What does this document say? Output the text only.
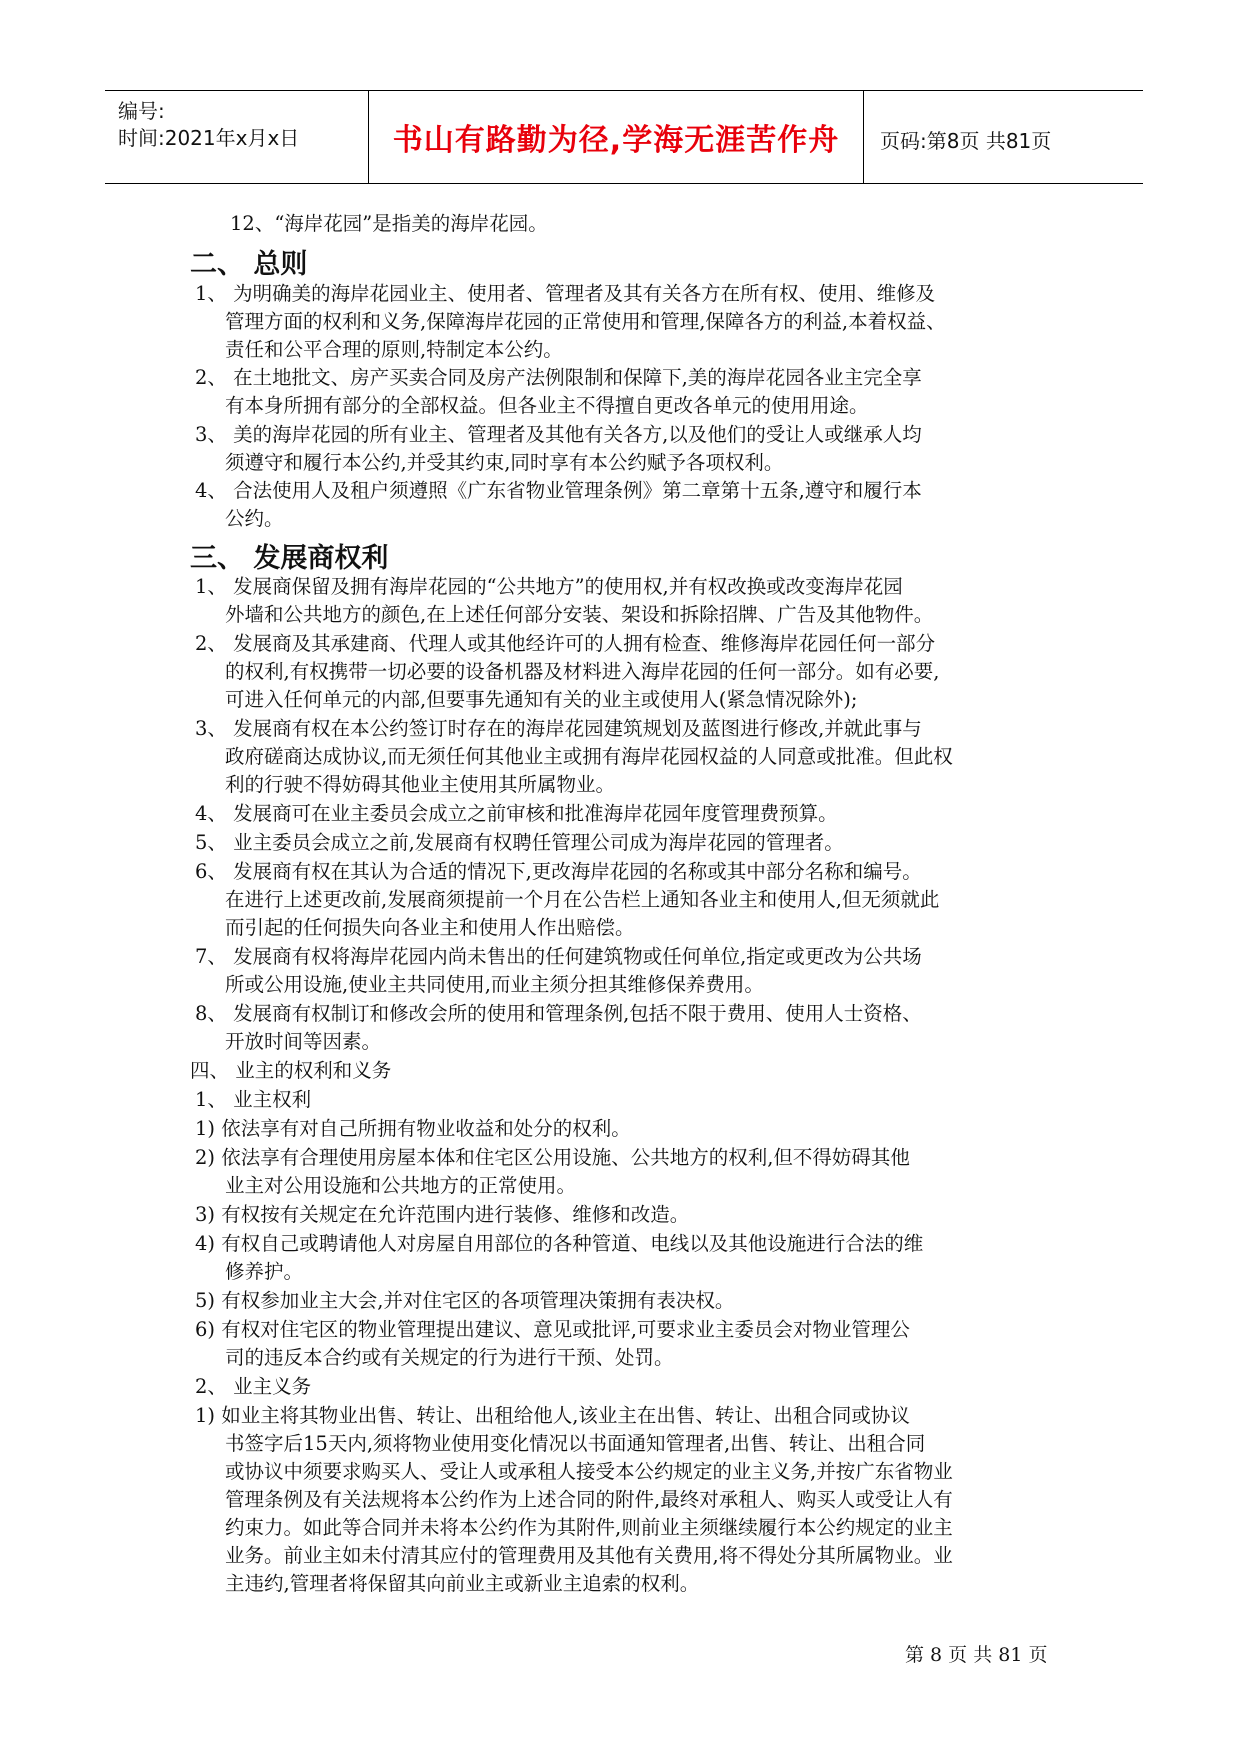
编号:
时间:2021年x月x日	书山有路勤为径,学海无涯苦作舟	页码:第8页 共81页
12、“海岸花园”是指美的海岸花园。
二、 总则
1、 为明确美的海岸花园业主、使用者、管理者及其有关各方在所有权、使用、维修及
管理方面的权利和义务,保障海岸花园的正常使用和管理,保障各方的利益,本着权益、
责任和公平合理的原则,特制定本公约。
2、 在土地批文、房产买卖合同及房产法例限制和保障下,美的海岸花园各业主完全享
有本身所拥有部分的全部权益。但各业主不得擅自更改各单元的使用用途。
3、 美的海岸花园的所有业主、管理者及其他有关各方,以及他们的受让人或继承人均
须遵守和履行本公约,并受其约束,同时享有本公约赋予各项权利。
4、 合法使用人及租户须遵照《广东省物业管理条例》第二章第十五条,遵守和履行本
公约。
三、 发展商权利
1、 发展商保留及拥有海岸花园的“公共地方”的使用权,并有权改换或改变海岸花园
外墙和公共地方的颜色,在上述任何部分安装、架设和拆除招牌、广告及其他物件。
2、 发展商及其承建商、代理人或其他经许可的人拥有检查、维修海岸花园任何一部分
的权利,有权携带一切必要的设备机器及材料进入海岸花园的任何一部分。如有必要,
可进入任何单元的内部,但要事先通知有关的业主或使用人(紧急情况除外);
3、 发展商有权在本公约签订时存在的海岸花园建筑规划及蓝图进行修改,并就此事与
政府磋商达成协议,而无须任何其他业主或拥有海岸花园权益的人同意或批准。但此权
利的行驶不得妨碍其他业主使用其所属物业。
4、 发展商可在业主委员会成立之前审核和批准海岸花园年度管理费预算。
5、 业主委员会成立之前,发展商有权聘任管理公司成为海岸花园的管理者。
6、 发展商有权在其认为合适的情况下,更改海岸花园的名称或其中部分名称和编号。
在进行上述更改前,发展商须提前一个月在公告栏上通知各业主和使用人,但无须就此
而引起的任何损失向各业主和使用人作出赔偿。
7、 发展商有权将海岸花园内尚未售出的任何建筑物或任何单位,指定或更改为公共场
所或公用设施,使业主共同使用,而业主须分担其维修保养费用。
8、 发展商有权制订和修改会所的使用和管理条例,包括不限于费用、使用人士资格、
开放时间等因素。
四、 业主的权利和义务
1、 业主权利
1) 依法享有对自己所拥有物业收益和处分的权利。
2) 依法享有合理使用房屋本体和住宅区公用设施、公共地方的权利,但不得妨碍其他
业主对公用设施和公共地方的正常使用。
3) 有权按有关规定在允许范围内进行装修、维修和改造。
4) 有权自己或聘请他人对房屋自用部位的各种管道、电线以及其他设施进行合法的维
修养护。
5) 有权参加业主大会,并对住宅区的各项管理决策拥有表决权。
6) 有权对住宅区的物业管理提出建议、意见或批评,可要求业主委员会对物业管理公
司的违反本合约或有关规定的行为进行干预、处罚。
2、 业主义务
1) 如业主将其物业出售、转让、出租给他人,该业主在出售、转让、出租合同或协议
书签字后15天内,须将物业使用变化情况以书面通知管理者,出售、转让、出租合同
或协议中须要求购买人、受让人或承租人接受本公约规定的业主义务,并按广东省物业
管理条例及有关法规将本公约作为上述合同的附件,最终对承租人、购买人或受让人有
约束力。如此等合同并未将本公约作为其附件,则前业主须继续履行本公约规定的业主
业务。前业主如未付清其应付的管理费用及其他有关费用,将不得处分其所属物业。业
主违约,管理者将保留其向前业主或新业主追索的权利。
第 8 页 共 81 页
